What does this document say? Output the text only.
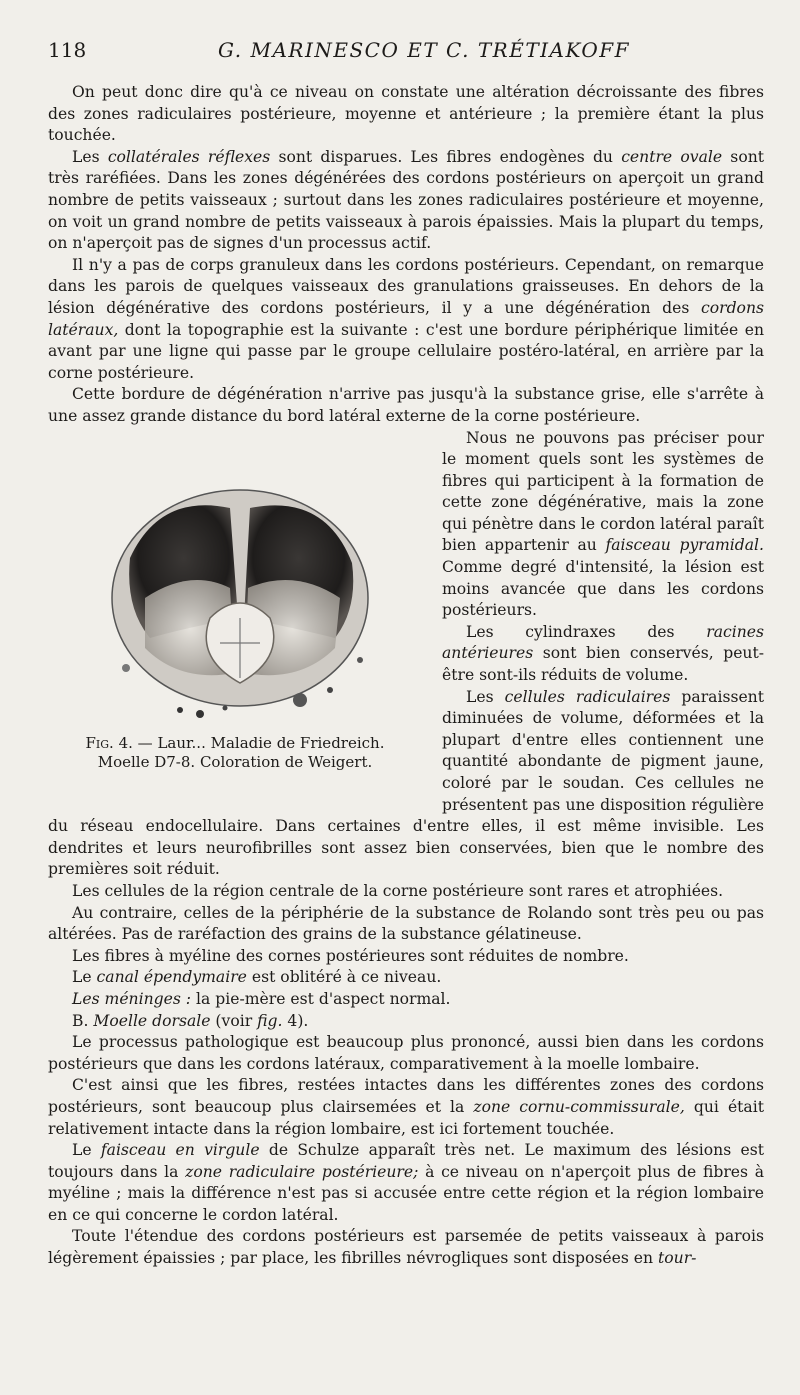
118	G. MARINESCO ET C. TRÉTIAKOFF

On peut donc dire qu'à ce niveau on constate une altération décroissante des fibres des zones radiculaires postérieure, moyenne et antérieure ; la première étant la plus touchée.

Les collatérales réflexes sont disparues. Les fibres endogènes du centre ovale sont très raréfiées. Dans les zones dégénérées des cordons postérieurs on aperçoit un grand nombre de petits vaisseaux ; surtout dans les zones radiculaires postérieure et moyenne, on voit un grand nombre de petits vaisseaux à parois épaissies. Mais la plupart du temps, on n'aperçoit pas de signes d'un processus actif.

Il n'y a pas de corps granuleux dans les cordons postérieurs. Cependant, on remarque dans les parois de quelques vaisseaux des granulations graisseuses. En dehors de la lésion dégénérative des cordons postérieurs, il y a une dégénération des cordons latéraux, dont la topographie est la suivante : c'est une bordure périphérique limitée en avant par une ligne qui passe par le groupe cellulaire postéro-latéral, en arrière par la corne postérieure.

Cette bordure de dégénération n'arrive pas jusqu'à la substance grise, elle s'arrête à une assez grande distance du bord latéral externe de la corne postérieure.

Fig. 4. — Laur... Maladie de Friedreich.
Moelle D7-8. Coloration de Weigert.

Nous ne pouvons pas préciser pour le moment quels sont les systèmes de fibres qui participent à la formation de cette zone dégénérative, mais la zone qui pénètre dans le cordon latéral paraît bien appartenir au faisceau pyramidal. Comme degré d'intensité, la lésion est moins avancée que dans les cordons postérieurs.

Les cylindraxes des racines antérieures sont bien conservés, peut-être sont-ils réduits de volume.

Les cellules radiculaires paraissent diminuées de volume, déformées et la plupart d'entre elles contiennent une quantité abondante de pigment jaune, coloré par le soudan. Ces cellules ne présentent pas une disposition régulière du réseau endocellulaire. Dans certaines d'entre elles, il est même invisible. Les dendrites et leurs neurofibrilles sont assez bien conservées, bien que le nombre des premières soit réduit.

Les cellules de la région centrale de la corne postérieure sont rares et atrophiées.

Au contraire, celles de la périphérie de la substance de Rolando sont très peu ou pas altérées. Pas de raréfaction des grains de la substance gélatineuse.

Les fibres à myéline des cornes postérieures sont réduites de nombre.

Le canal épendymaire est oblitéré à ce niveau.

Les méninges : la pie-mère est d'aspect normal.

B. Moelle dorsale (voir fig. 4).

Le processus pathologique est beaucoup plus prononcé, aussi bien dans les cordons postérieurs que dans les cordons latéraux, comparativement à la moelle lombaire.

C'est ainsi que les fibres, restées intactes dans les différentes zones des cordons postérieurs, sont beaucoup plus clairsemées et la zone cornu-commissurale, qui était relativement intacte dans la région lombaire, est ici fortement touchée.

Le faisceau en virgule de Schulze apparaît très net. Le maximum des lésions est toujours dans la zone radiculaire postérieure; à ce niveau on n'aperçoit plus de fibres à myéline ; mais la différence n'est pas si accusée entre cette région et la région lombaire en ce qui concerne le cordon latéral.

Toute l'étendue des cordons postérieurs est parsemée de petits vaisseaux à parois légèrement épaissies ; par place, les fibrilles névrogliques sont disposées en tour-
